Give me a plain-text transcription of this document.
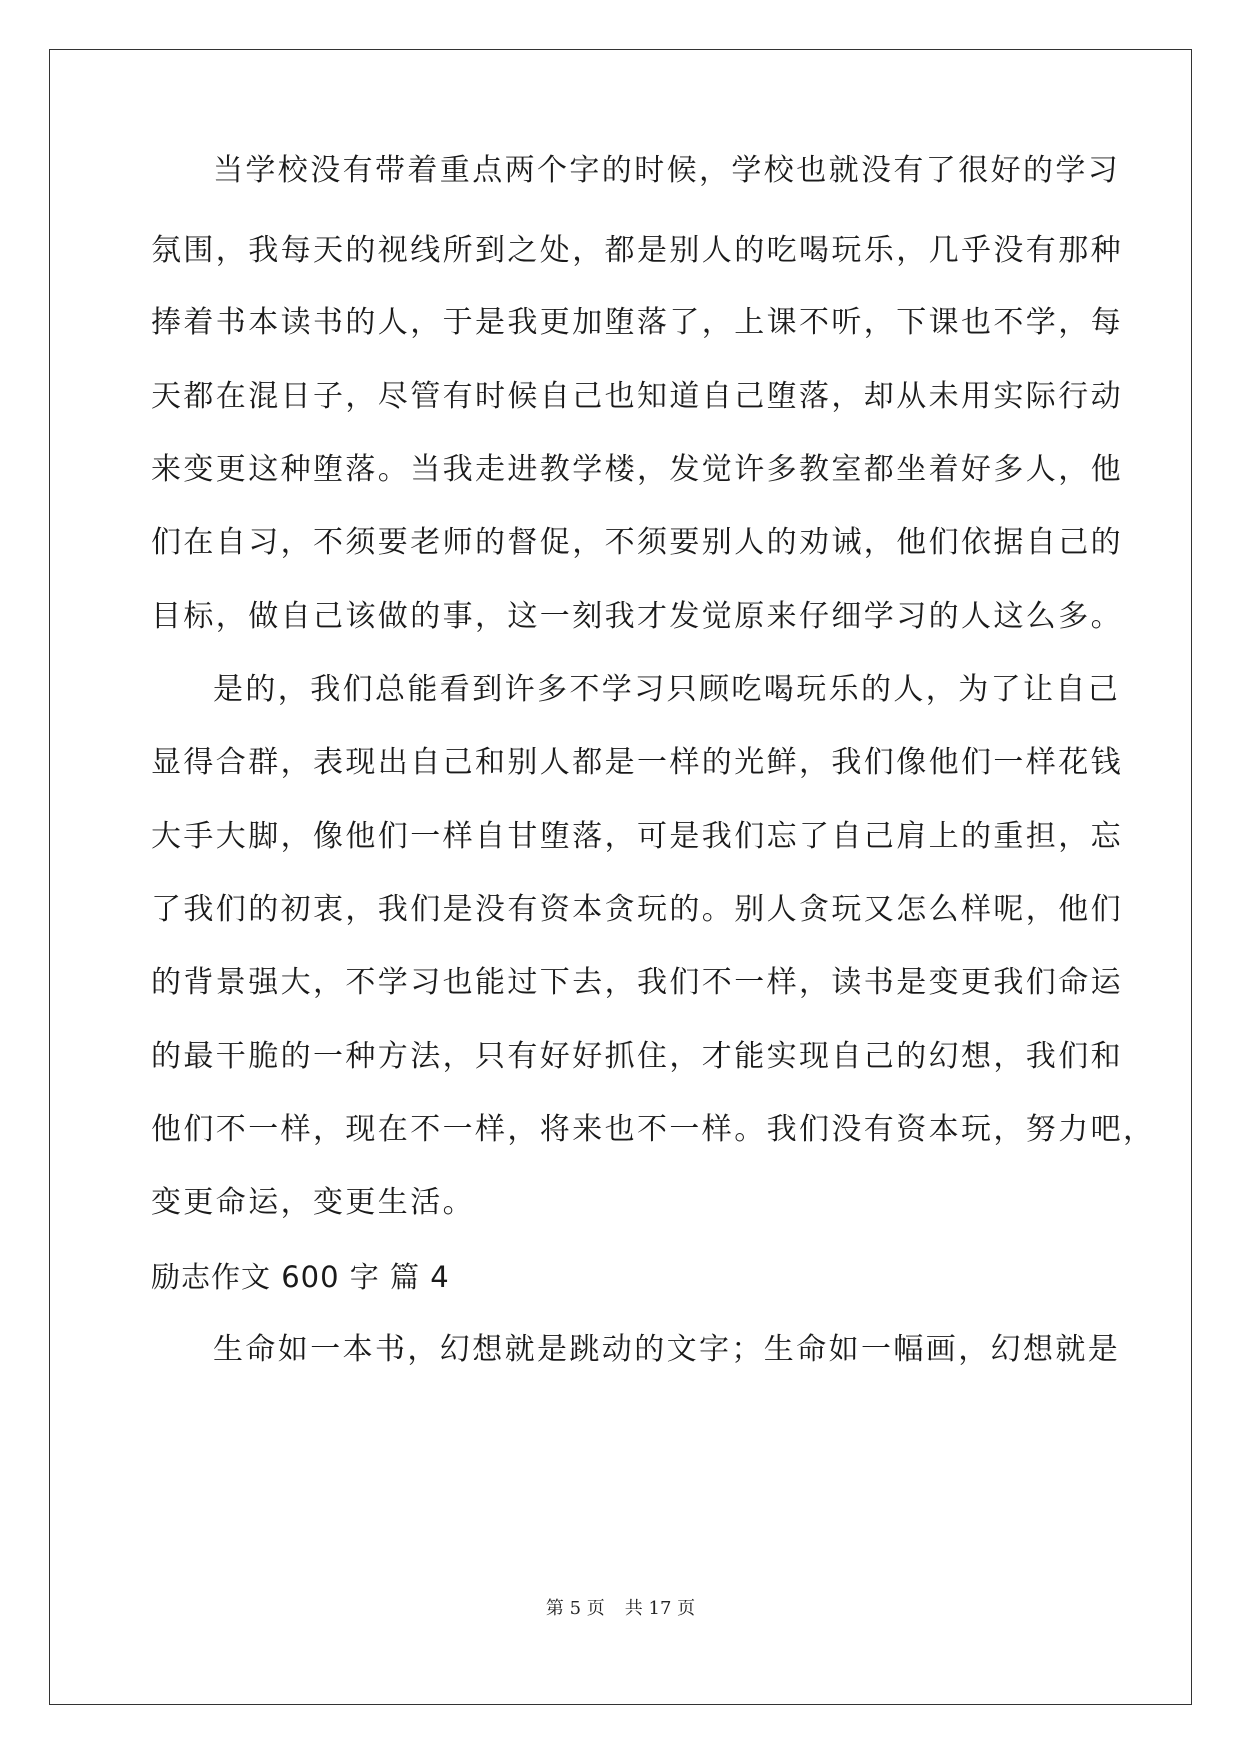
当学校没有带着重点两个字的时候，学校也就没有了很好的学习
氛围，我每天的视线所到之处，都是别人的吃喝玩乐，几乎没有那种
捧着书本读书的人，于是我更加堕落了，上课不听，下课也不学，每
天都在混日子，尽管有时候自己也知道自己堕落，却从未用实际行动
来变更这种堕落。当我走进教学楼，发觉许多教室都坐着好多人，他
们在自习，不须要老师的督促，不须要别人的劝诫，他们依据自己的
目标，做自己该做的事，这一刻我才发觉原来仔细学习的人这么多。
是的，我们总能看到许多不学习只顾吃喝玩乐的人，为了让自己
显得合群，表现出自己和别人都是一样的光鲜，我们像他们一样花钱
大手大脚，像他们一样自甘堕落，可是我们忘了自己肩上的重担，忘
了我们的初衷，我们是没有资本贪玩的。别人贪玩又怎么样呢，他们
的背景强大，不学习也能过下去，我们不一样，读书是变更我们命运
的最干脆的一种方法，只有好好抓住，才能实现自己的幻想，我们和
他们不一样，现在不一样，将来也不一样。我们没有资本玩，努力吧，
变更命运，变更生活。
励志作文 600 字 篇 4
生命如一本书，幻想就是跳动的文字；生命如一幅画，幻想就是
第 5 页 共 17 页
